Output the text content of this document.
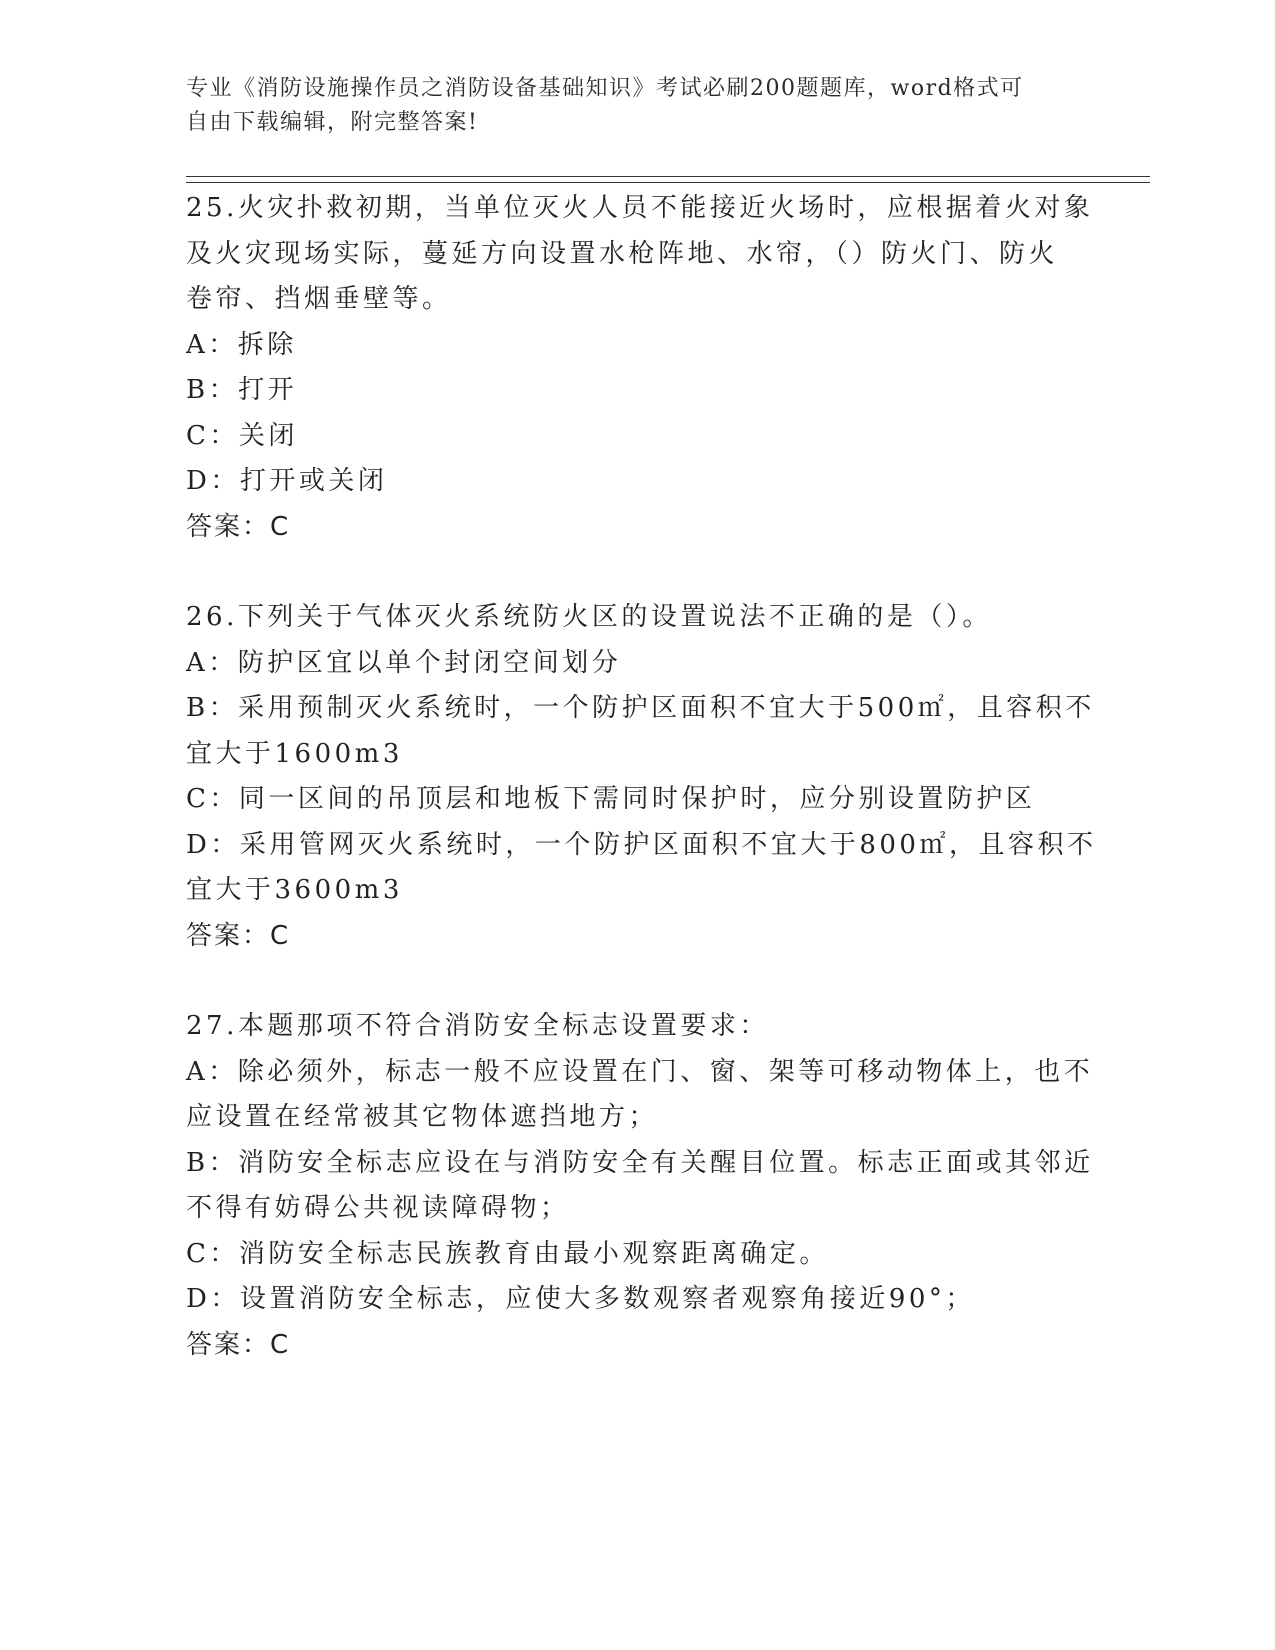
专业《消防设施操作员之消防设备基础知识》考试必刷200题题库，word格式可
自由下载编辑，附完整答案!
25.火灾扑救初期，当单位灭火人员不能接近火场时，应根据着火对象
及火灾现场实际，蔓延方向设置水枪阵地、水帘，（）防火门、防火
卷帘、挡烟垂壁等。
A：拆除
B：打开
C：关闭
D：打开或关闭
答案：C
26.下列关于气体灭火系统防火区的设置说法不正确的是（）。
A：防护区宜以单个封闭空间划分
B：采用预制灭火系统时，一个防护区面积不宜大于500㎡，且容积不
宜大于1600m3
C：同一区间的吊顶层和地板下需同时保护时，应分别设置防护区
D：采用管网灭火系统时，一个防护区面积不宜大于800㎡，且容积不
宜大于3600m3
答案：C
27.本题那项不符合消防安全标志设置要求：
A：除必须外，标志一般不应设置在门、窗、架等可移动物体上，也不
应设置在经常被其它物体遮挡地方；
B：消防安全标志应设在与消防安全有关醒目位置。标志正面或其邻近
不得有妨碍公共视读障碍物；
C：消防安全标志民族教育由最小观察距离确定。
D：设置消防安全标志，应使大多数观察者观察角接近90°；
答案：C
